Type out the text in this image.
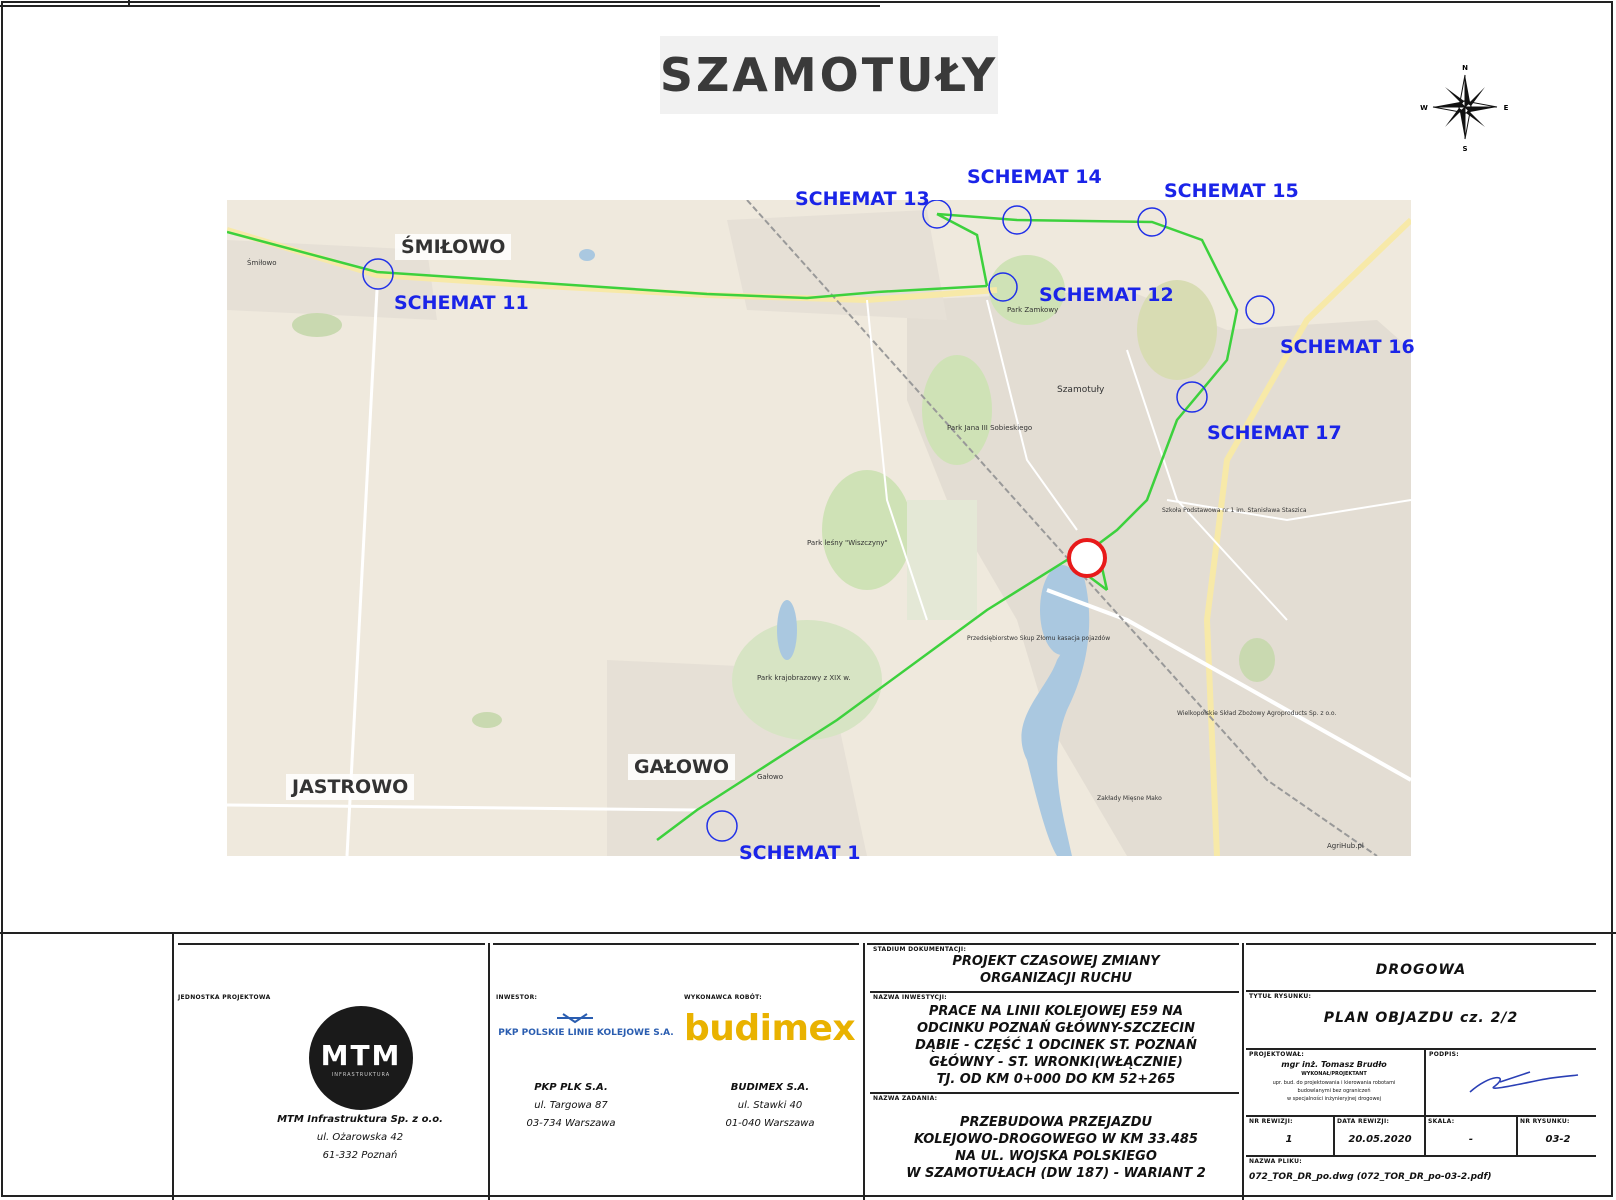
SZAMOTUŁY	N
S
E
W
Szamotuły
Park Zamkowy
Park Jana III Sobieskiego
Gałowo
Śmiłowo
Park leśny "Wiszczyny"
Park krajobrazowy z XIX w.
Przedsiębiorstwo Skup Złomu kasacja pojazdów
Szkoła Podstawowa nr 1 im. Stanisława Staszica
Zakłady Mięsne Mako
Wielkopolskie Skład Zbożowy Agroproducts Sp. z o.o.
AgriHub.pl
ŚMIŁOWO
JASTROWO
GAŁOWO
SCHEMAT 11
SCHEMAT 13
SCHEMAT 14
SCHEMAT 15
SCHEMAT 12
SCHEMAT 16
SCHEMAT 17
SCHEMAT 1
JEDNOSTKA PROJEKTOWA
MTM
INFRASTRUKTURA
MTM Infrastruktura Sp. z o.o.
ul. Ożarowska 42
61-332 Poznań
INWESTOR:
PKP POLSKIE LINIE KOLEJOWE S.A.
PKP PLK S.A.
ul. Targowa 87
03-734 Warszawa
WYKONAWCA ROBÓT:
budimex
BUDIMEX S.A.
ul. Stawki 40
01-040 Warszawa
STADIUM DOKUMENTACJI:
PROJEKT CZASOWEJ ZMIANY
ORGANIZACJI RUCHU
NAZWA INWESTYCJI:
PRACE NA LINII KOLEJOWEJ E59 NA
ODCINKU POZNAŃ GŁÓWNY-SZCZECIN
DĄBIE - CZĘŚĆ 1 ODCINEK ST. POZNAŃ
GŁÓWNY - ST. WRONKI(WŁĄCZNIE)
TJ. OD KM 0+000 DO KM 52+265
NAZWA ZADANIA:
PRZEBUDOWA PRZEJAZDU
KOLEJOWO-DROGOWEGO W KM 33.485
NA UL. WOJSKA POLSKIEGO
W SZAMOTUŁACH (DW 187) - WARIANT 2
DROGOWA
TYTUŁ RYSUNKU:
PLAN OBJAZDU cz. 2/2
PROJEKTOWAŁ:
mgr inż. Tomasz Brudło
WYKONAŁ/PROJEKTANT
upr. bud. do projektowania i kierowania robotami
budowlanymi bez ograniczeń
w specjalności inżynieryjnej drogowej
PODPIS:
NR REWIZJI:
1
DATA REWIZJI:
20.05.2020
SKALA:
-
NR RYSUNKU:
03-2
NAZWA PLIKU:
072_TOR_DR_po.dwg (072_TOR_DR_po-03-2.pdf)
